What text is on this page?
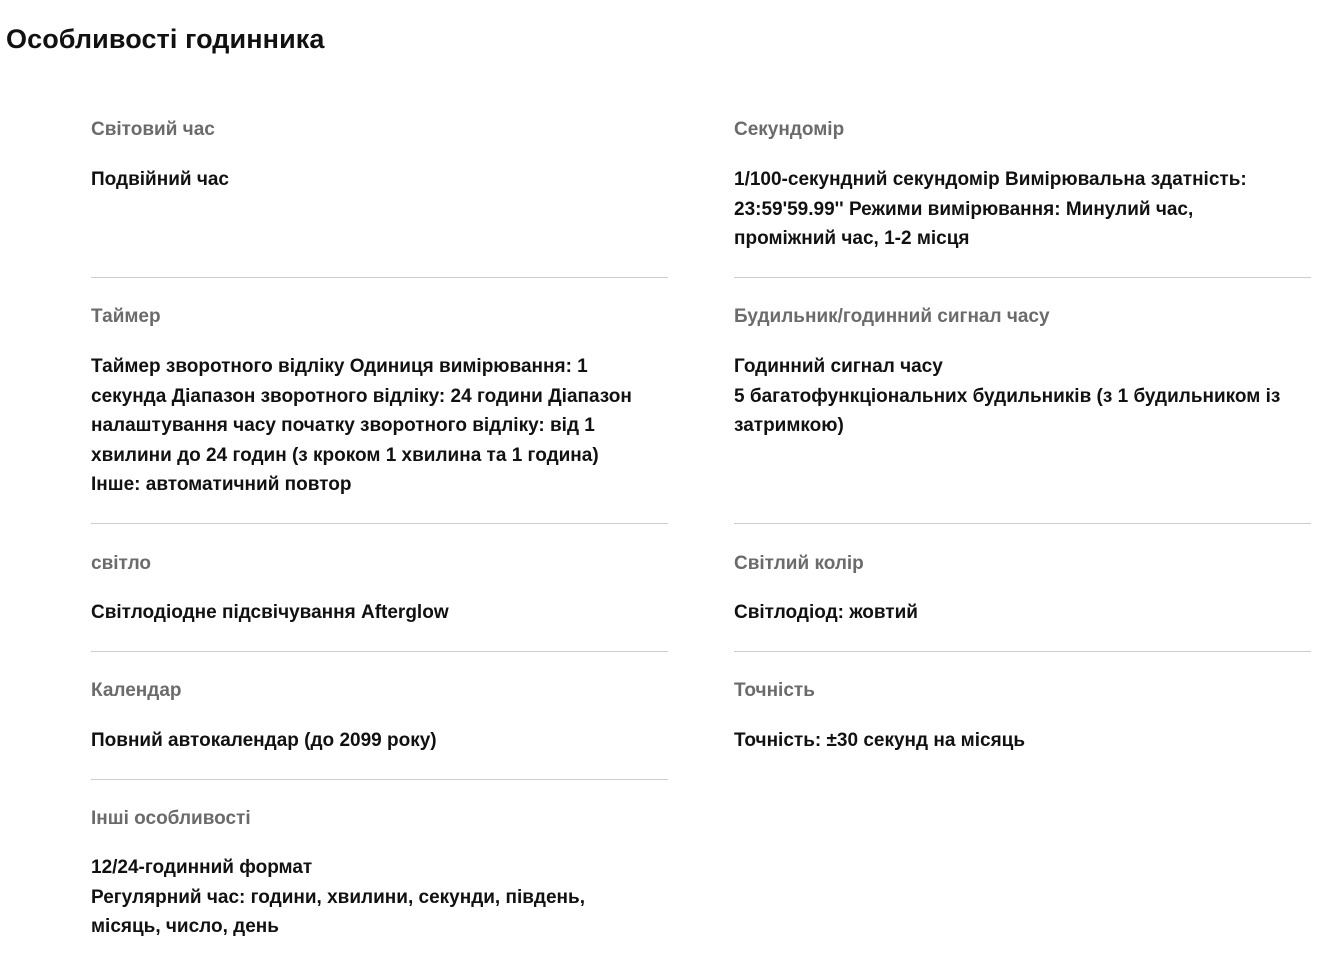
Особливості годинника
Світовий час
Подвійний час
Таймер
Таймер зворотного відліку Одиниця вимірювання: 1
секунда Діапазон зворотного відліку: 24 години Діапазон
налаштування часу початку зворотного відліку: від 1
хвилини до 24 годин (з кроком 1 хвилина та 1 година)
Інше: автоматичний повтор
світло
Світлодіодне підсвічування Afterglow
Календар
Повний автокалендар (до 2099 року)
Інші особливості
12/24-годинний формат
Регулярний час: години, хвилини, секунди, південь,
місяць, число, день
Секундомір
1/100-секундний секундомір Вимірювальна здатність:
23:59'59.99'' Режими вимірювання: Минулий час,
проміжний час, 1-2 місця
Будильник/годинний сигнал часу
Годинний сигнал часу
5 багатофункціональних будильників (з 1 будильником із
затримкою)
Світлий колір
Світлодіод: жовтий
Точність
Точність: ±30 секунд на місяць
